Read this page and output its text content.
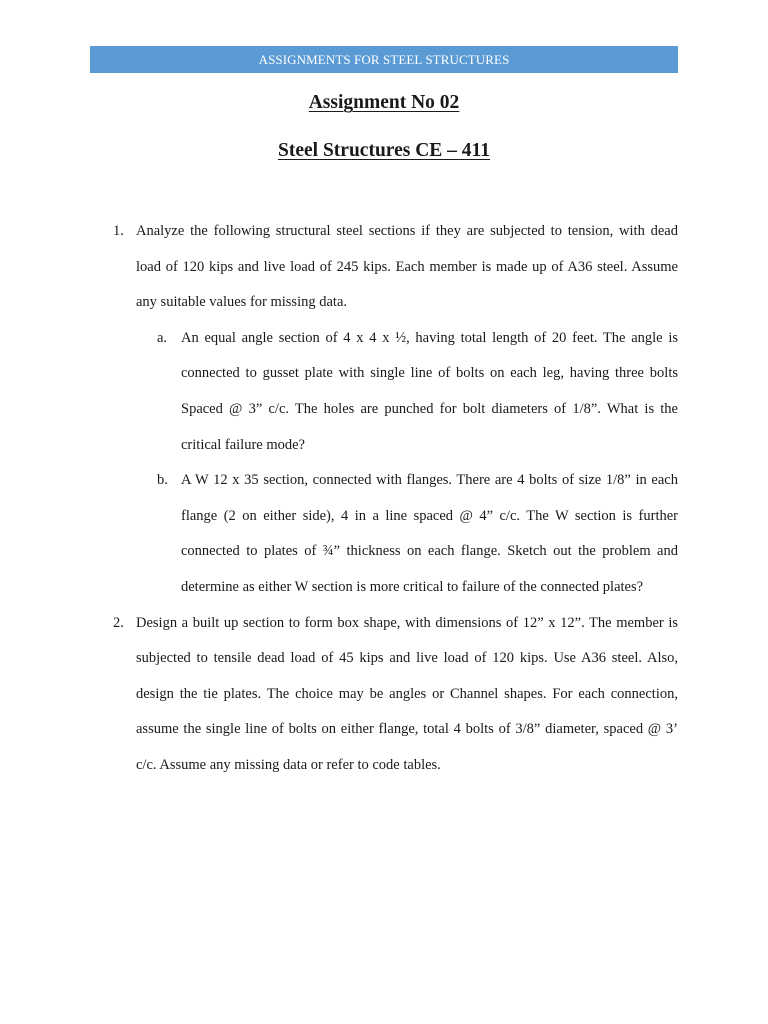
ASSIGNMENTS FOR STEEL STRUCTURES
Assignment No 02
Steel Structures CE – 411
1. Analyze the following structural steel sections if they are subjected to tension, with dead load of 120 kips and live load of 245 kips. Each member is made up of A36 steel. Assume any suitable values for missing data.
a. An equal angle section of 4 x 4 x ½, having total length of 20 feet. The angle is connected to gusset plate with single line of bolts on each leg, having three bolts Spaced @ 3” c/c. The holes are punched for bolt diameters of 1/8”. What is the critical failure mode?
b. A W 12 x 35 section, connected with flanges. There are 4 bolts of size 1/8” in each flange (2 on either side), 4 in a line spaced @ 4” c/c. The W section is further connected to plates of ¾” thickness on each flange. Sketch out the problem and determine as either W section is more critical to failure of the connected plates?
2. Design a built up section to form box shape, with dimensions of 12” x 12”. The member is subjected to tensile dead load of 45 kips and live load of 120 kips. Use A36 steel. Also, design the tie plates. The choice may be angles or Channel shapes. For each connection, assume the single line of bolts on either flange, total 4 bolts of 3/8” diameter, spaced @ 3’ c/c. Assume any missing data or refer to code tables.
